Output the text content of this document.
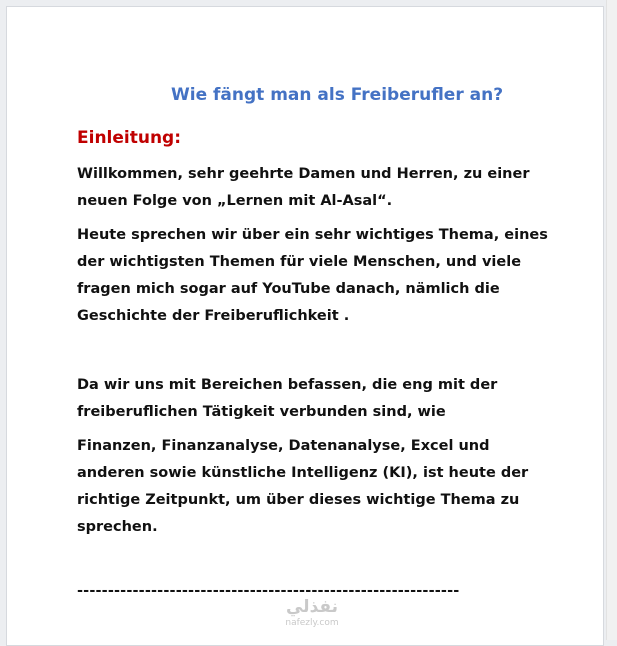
Wie fängt man als Freiberufler an?
Einleitung:

Willkommen, sehr geehrte Damen und Herren, zu einer neuen Folge von „Lernen mit Al-Asal“.

Heute sprechen wir über ein sehr wichtiges Thema, eines der wichtigsten Themen für viele Menschen, und viele fragen mich sogar auf YouTube danach, nämlich die Geschichte der Freiberuflichkeit .

Da wir uns mit Bereichen befassen, die eng mit der freiberuflichen Tätigkeit verbunden sind, wie

Finanzen, Finanzanalyse, Datenanalyse, Excel und anderen sowie künstliche Intelligenz (KI), ist heute der richtige Zeitpunkt, um über dieses wichtige Thema zu sprechen.

--------------------------------------------------------------
نفذلي
nafezly.com
